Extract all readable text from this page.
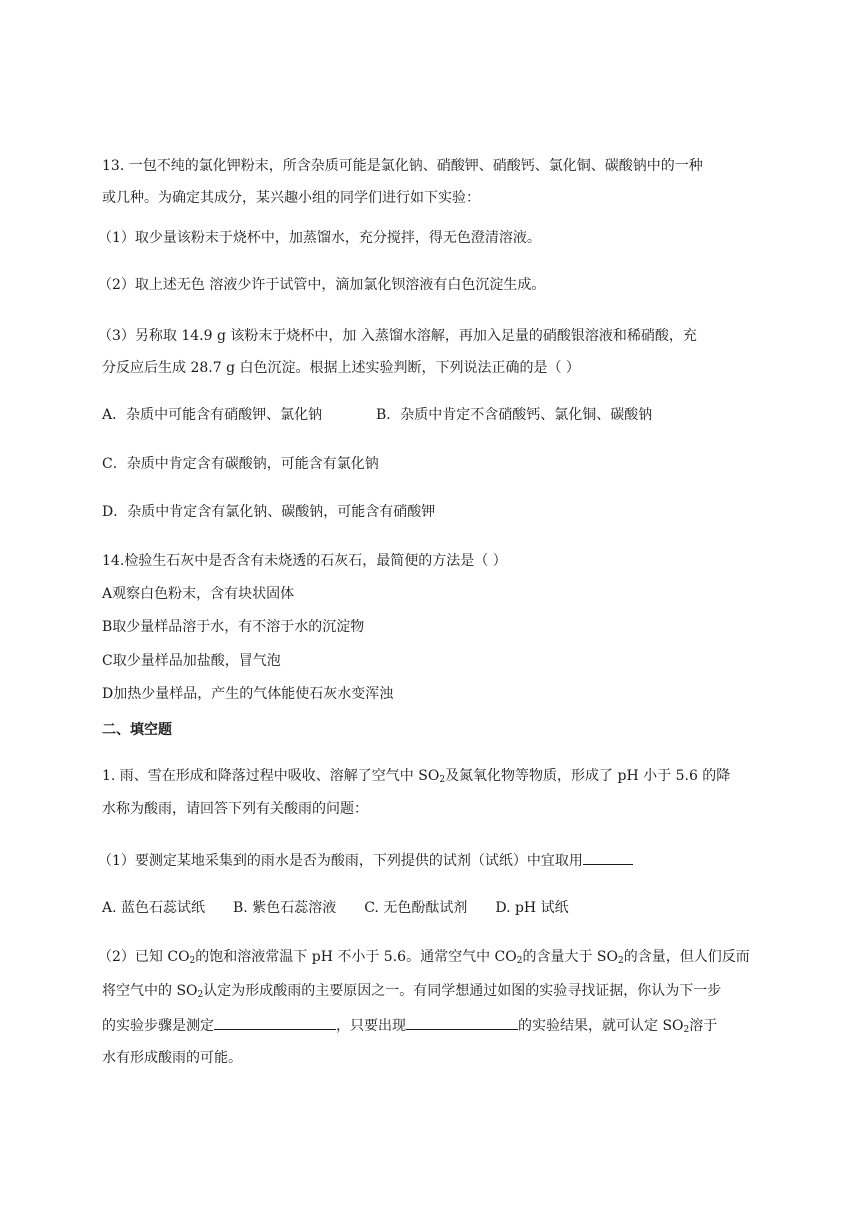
13. 一包不纯的氯化钾粉末，所含杂质可能是氯化钠、硝酸钾、硝酸钙、氯化铜、碳酸钠中的一种
或几种。为确定其成分，某兴趣小组的同学们进行如下实验：
（1）取少量该粉末于烧杯中，加蒸馏水，充分搅拌，得无色澄清溶液。
（2）取上述无色 溶液少许于试管中，滴加氯化钡溶液有白色沉淀生成。
（3）另称取 14.9 g 该粉末于烧杯中，加 入蒸馏水溶解，再加入足量的硝酸银溶液和稀硝酸，充
分反应后生成 28.7 g 白色沉淀。根据上述实验判断，下列说法正确的是（ ）
A．杂质中可能含有硝酸钾、氯化钠	B．杂质中肯定不含硝酸钙、氯化铜、碳酸钠
C．杂质中肯定含有碳酸钠，可能含有氯化钠
D．杂质中肯定含有氯化钠、碳酸钠，可能含有硝酸钾
14.检验生石灰中是否含有未烧透的石灰石，最简便的方法是（ ）
A观察白色粉末，含有块状固体
B取少量样品溶于水，有不溶于水的沉淀物
C取少量样品加盐酸，冒气泡
D加热少量样品，产生的气体能使石灰水变浑浊
二、填空题
1. 雨、雪在形成和降落过程中吸收、溶解了空气中 $SO_2$及氮氧化物等物质，形成了 pH 小于 5.6 的降
水称为酸雨，请回答下列有关酸雨的问题：
（1）要测定某地采集到的雨水是否为酸雨，下列提供的试剂（试纸）中宜取用
A. 蓝色石蕊试纸 B. 紫色石蕊溶液 C. 无色酚酞试剂 D. pH 试纸
（2）已知 $CO_2$的饱和溶液常温下 pH 不小于 5.6。通常空气中 $CO_2$的含量大于 $SO_2$的含量，但人们反而
将空气中的 $SO_2$认定为形成酸雨的主要原因之一。有同学想通过如图的实验寻找证据，你认为下一步
的实验步骤是测定	，只要出现	的实验结果，就可认定 $SO_2$溶于
水有形成酸雨的可能。
